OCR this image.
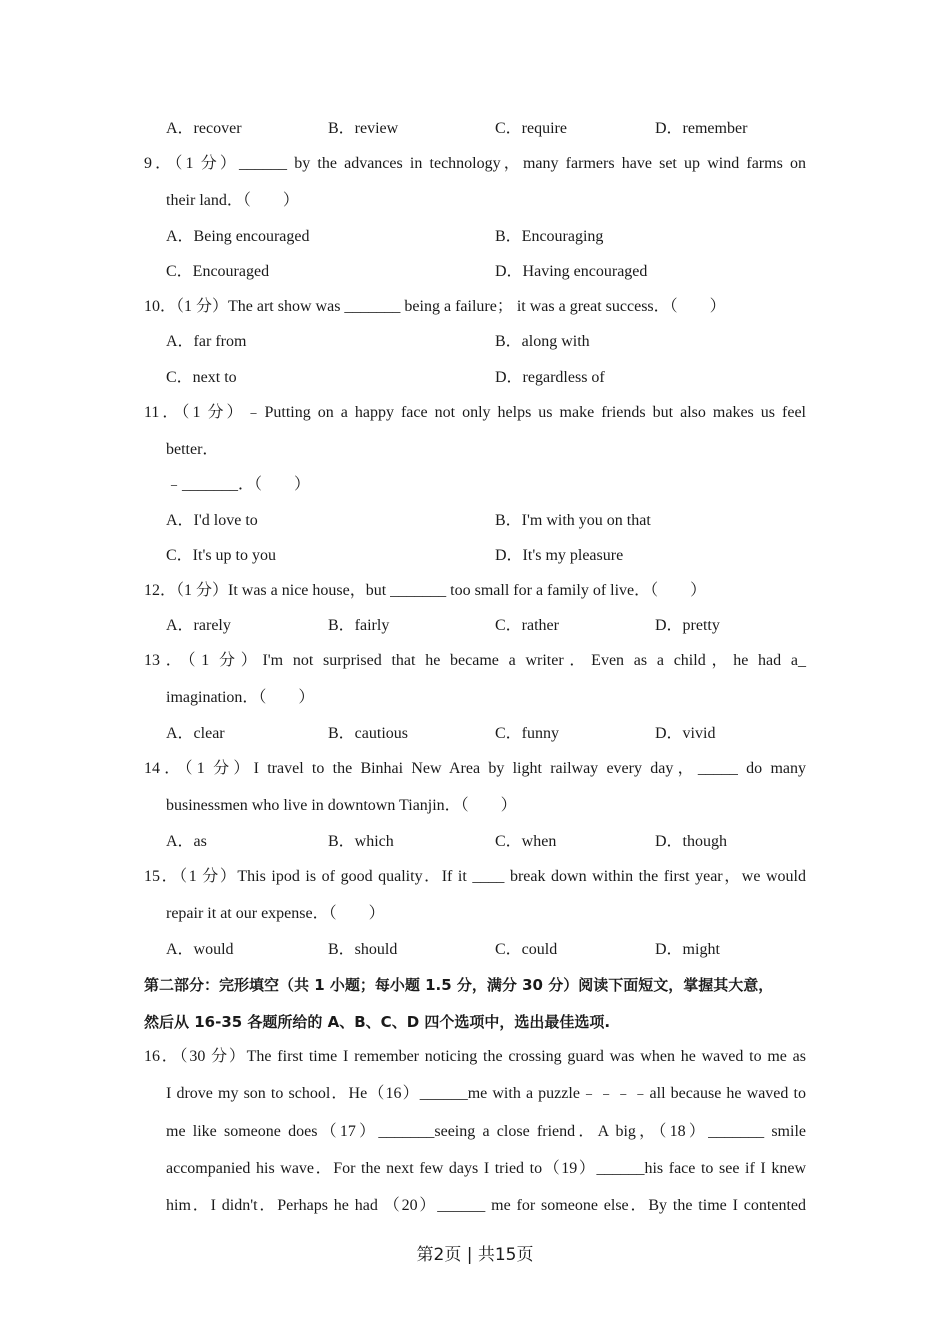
A．recover	B．review	C．require	D．remember
9．（1 分）______ by the advances in technology，many farmers have set up wind farms on
their land．（　　）
A．Being encouraged	B．Encouraging
C．Encouraged	D．Having encouraged
10．（1 分）The art show was _______ being a failure； it was a great success．（　　）
A．far from	B．along with
C．next to	D．regardless of
11．（1 分）﹣Putting on a happy face not only helps us make friends but also makes us feel
better．
﹣_______．（　　）
A．I'd love to	B．I'm with you on that
C．It's up to you	D．It's my pleasure
12．（1 分）It was a nice house，but _______ too small for a family of live．（　　）
A．rarely	B．fairly	C．rather	D．pretty
13．（1 分）I'm not surprised that he became a writer．Even as a child，he had a_
imagination．（　　）
A．clear	B．cautious	C．funny	D．vivid
14．（1 分）I travel to the Binhai New Area by light railway every day，_____ do many
businessmen who live in downtown Tianjin．（　　）
A．as	B．which	C．when	D．though
15．（1 分）This ipod is of good quality．If it ____ break down within the first year，we would
repair it at our expense．（　　）
A．would	B．should	C．could	D．might
第二部分：完形填空（共 1 小题；每小题 1.5 分，满分 30 分）阅读下面短文，掌握其大意，
然后从 16-35 各题所给的 A、B、C、D 四个选项中，选出最佳选项.
16．（30 分）The first time I remember noticing the crossing guard was when he waved to me as
I drove my son to school．He（16）______me with a puzzle﹣﹣﹣﹣all because he waved to
me like someone does（17）_______seeing a close friend．A big，（18）_______ smile
accompanied his wave．For the next few days I tried to（19）______his face to see if I knew
him．I didn't．Perhaps he had （20）______ me for someone else．By the time I contented
第2页 | 共15页
